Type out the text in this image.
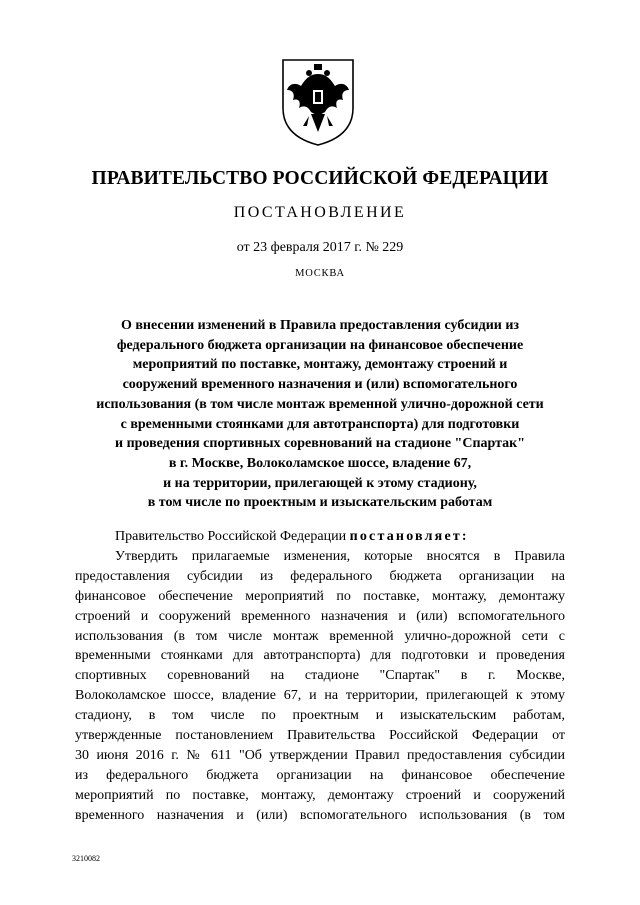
ПРАВИТЕЛЬСТВО РОССИЙСКОЙ ФЕДЕРАЦИИ
ПОСТАНОВЛЕНИЕ
от 23 февраля 2017 г. № 229
МОСКВА
О внесении изменений в Правила предоставления субсидии из
федерального бюджета организации на финансовое обеспечение
мероприятий по поставке, монтажу, демонтажу строений и
сооружений временного назначения и (или) вспомогательного
использования (в том числе монтаж временной улично-дорожной сети
с временными стоянками для автотранспорта) для подготовки
и проведения спортивных соревнований на стадионе "Спартак"
в г. Москве, Волоколамское шоссе, владение 67,
и на территории, прилегающей к этому стадиону,
в том числе по проектным и изыскательским работам
Правительство Российской Федерации постановляет:
Утвердить прилагаемые изменения, которые вносятся в Правила
предоставления субсидии из федерального бюджета организации на
финансовое обеспечение мероприятий по поставке, монтажу, демонтажу
строений и сооружений временного назначения и (или) вспомогательного
использования (в том числе монтаж временной улично-дорожной сети с
временными стоянками для автотранспорта) для подготовки и проведения
спортивных соревнований на стадионе "Спартак" в г. Москве,
Волоколамское шоссе, владение 67, и на территории, прилегающей к этому
стадиону, в том числе по проектным и изыскательским работам,
утвержденные постановлением Правительства Российской Федерации от
30 июня 2016 г. № 611 "Об утверждении Правил предоставления субсидии
из федерального бюджета организации на финансовое обеспечение
мероприятий по поставке, монтажу, демонтажу строений и сооружений
временного назначения и (или) вспомогательного использования (в том
3210082
